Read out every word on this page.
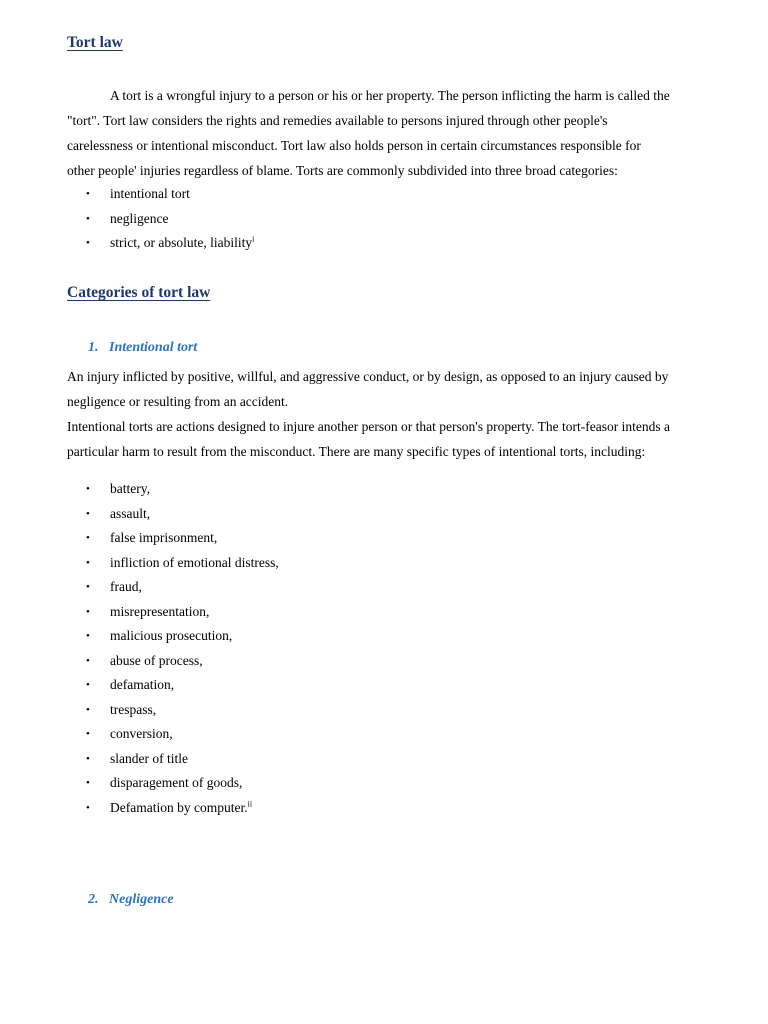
Tort law
A tort is a wrongful injury to a person or his or her property. The person inflicting the harm is called the
"tort". Tort law considers the rights and remedies available to persons injured through other people's
carelessness or intentional misconduct. Tort law also holds person in certain circumstances responsible for
other people' injuries regardless of blame. Torts are commonly subdivided into three broad categories:
• intentional tort
• negligence
• strict, or absolute, liability$^i$
Categories of tort law
1. Intentional tort
An injury inflicted by positive, willful, and aggressive conduct, or by design, as opposed to an injury caused by
negligence or resulting from an accident.
Intentional torts are actions designed to injure another person or that person's property. The tort-feasor intends a
particular harm to result from the misconduct. There are many specific types of intentional torts, including:
• battery,
• assault,
• false imprisonment,
• infliction of emotional distress,
• fraud,
• misrepresentation,
• malicious prosecution,
• abuse of process,
• defamation,
• trespass,
• conversion,
• slander of title
• disparagement of goods,
• Defamation by computer.$^{ii}$
2. Negligence
